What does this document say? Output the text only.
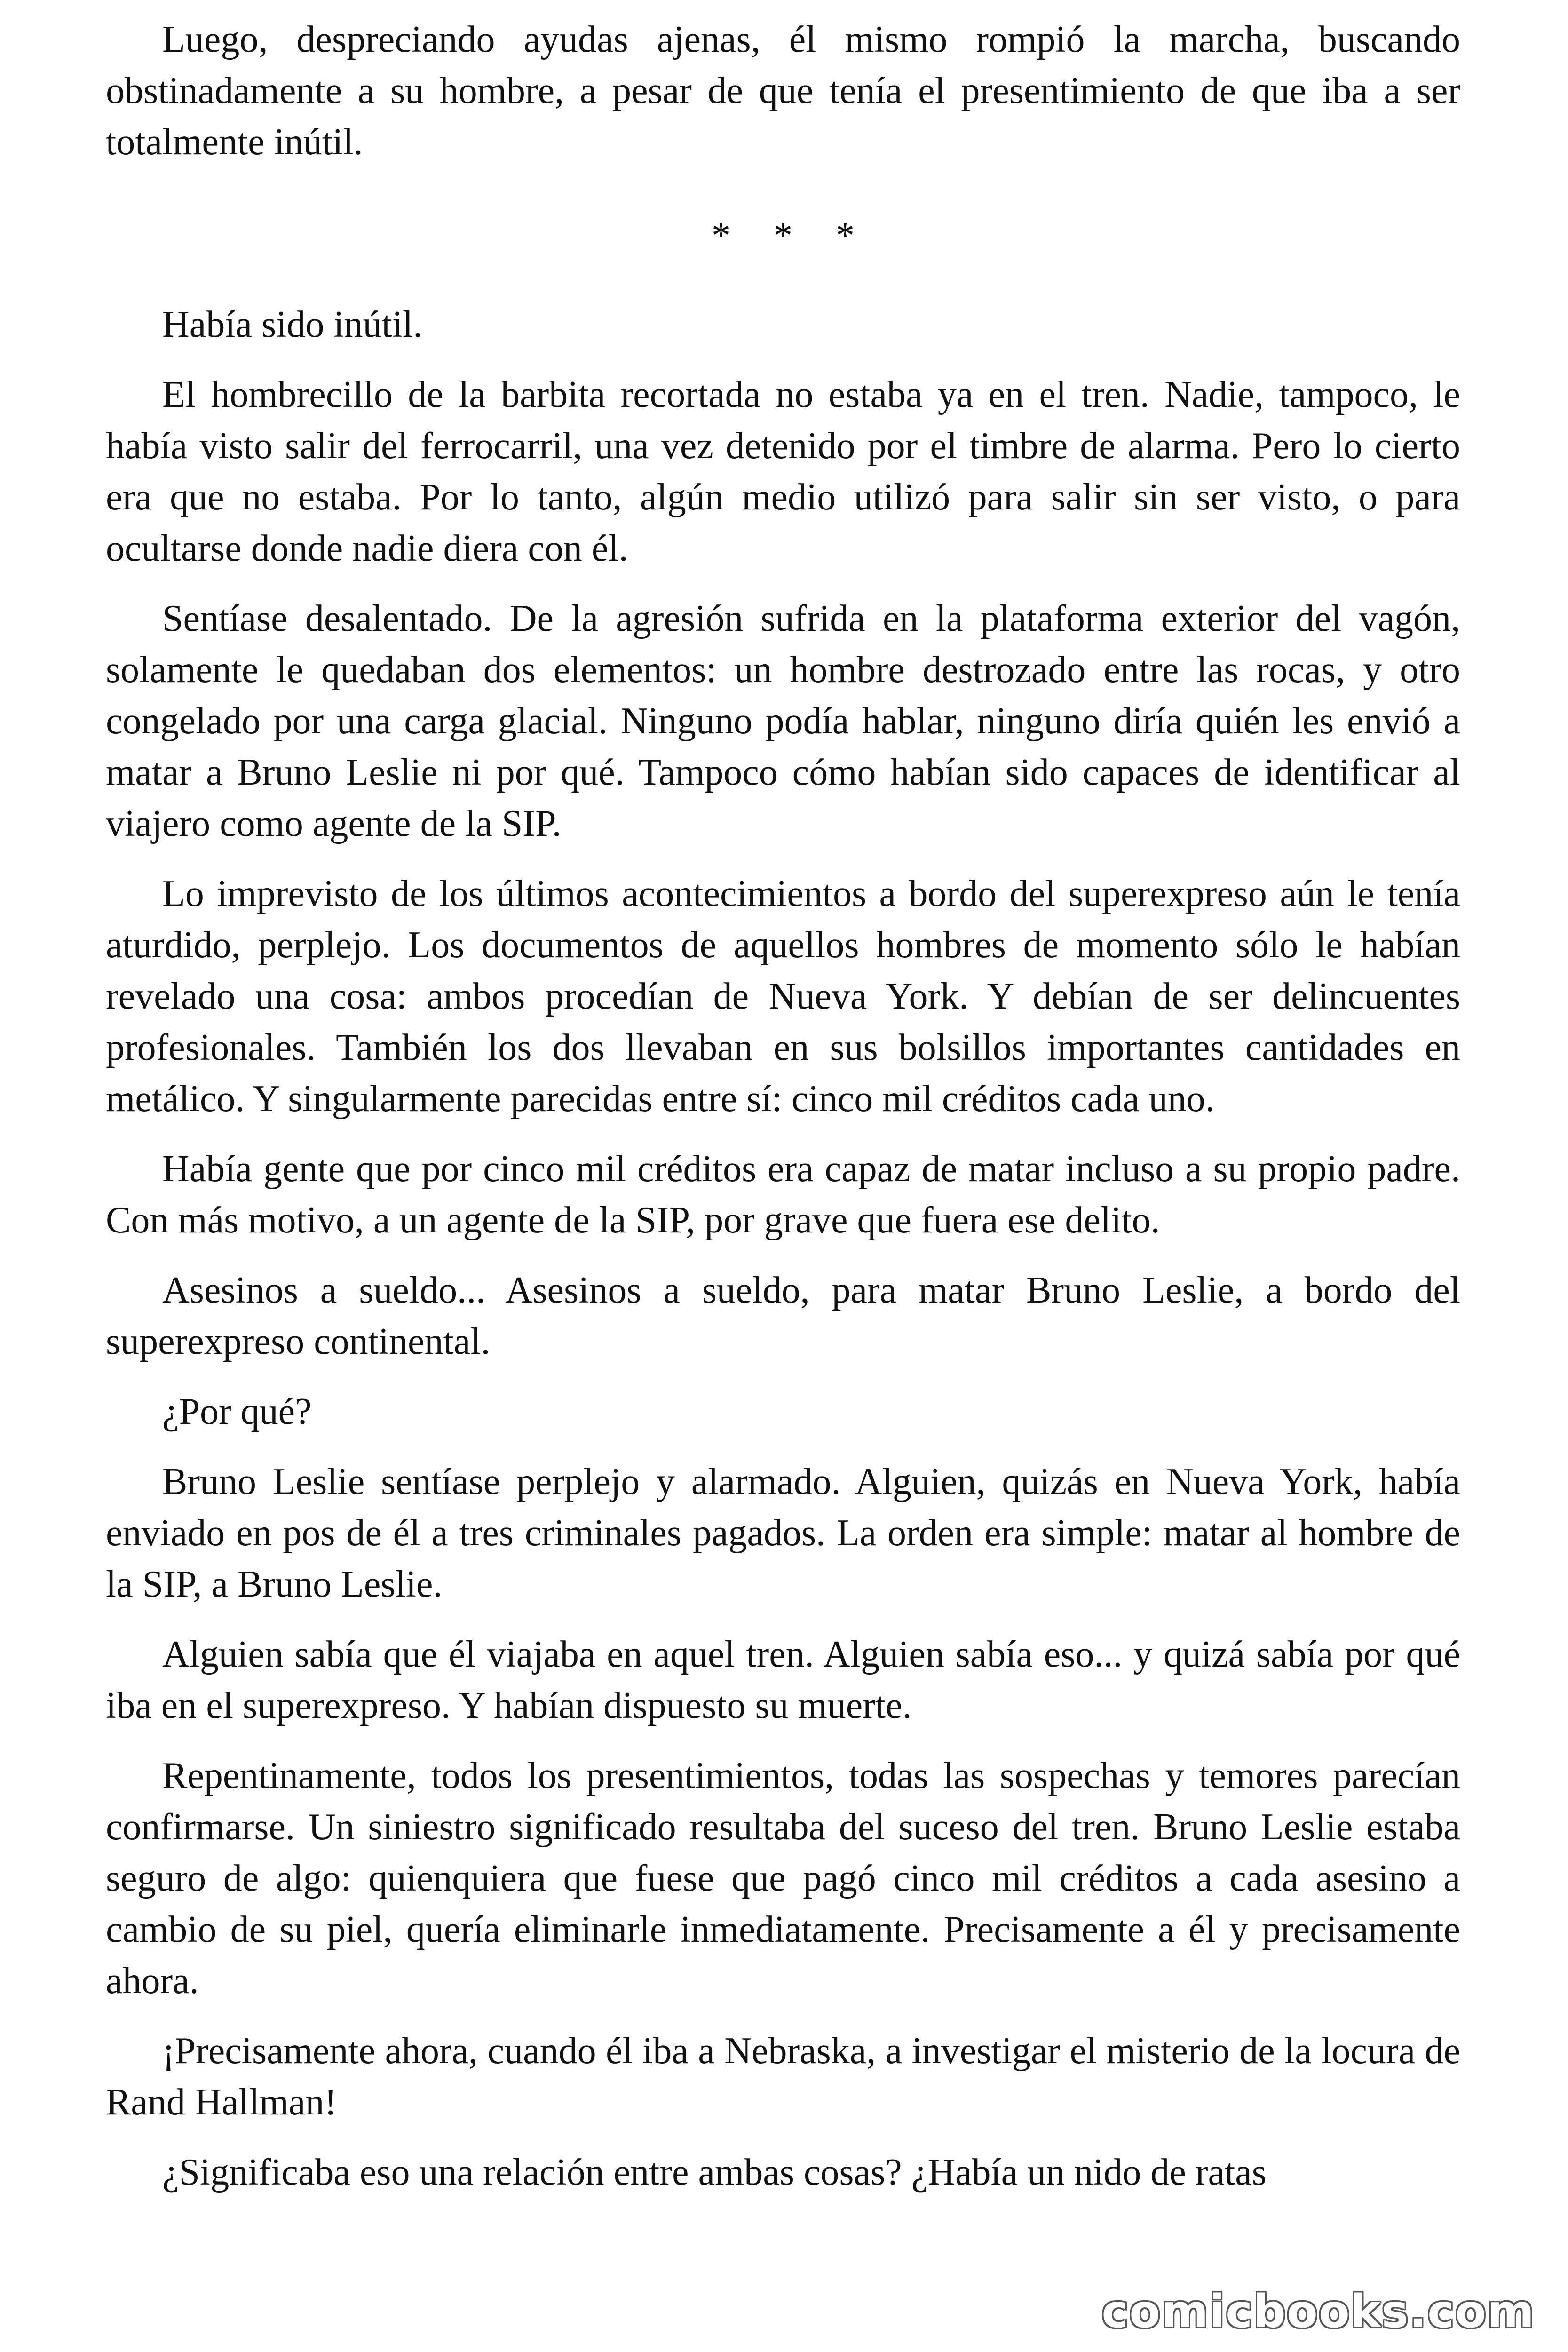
Luego, despreciando ayudas ajenas, él mismo rompió la marcha, buscando obstinadamente a su hombre, a pesar de que tenía el presentimiento de que iba a ser totalmente inútil.

* * *

Había sido inútil.

El hombrecillo de la barbita recortada no estaba ya en el tren. Nadie, tampoco, le había visto salir del ferrocarril, una vez detenido por el timbre de alarma. Pero lo cierto era que no estaba. Por lo tanto, algún medio utilizó para salir sin ser visto, o para ocultarse donde nadie diera con él.

Sentíase desalentado. De la agresión sufrida en la plataforma exterior del vagón, solamente le quedaban dos elementos: un hombre destrozado entre las rocas, y otro congelado por una carga glacial. Ninguno podía hablar, ninguno diría quién les envió a matar a Bruno Leslie ni por qué. Tampoco cómo habían sido capaces de identificar al viajero como agente de la SIP.

Lo imprevisto de los últimos acontecimientos a bordo del superexpreso aún le tenía aturdido, perplejo. Los documentos de aquellos hombres de momento sólo le habían revelado una cosa: ambos procedían de Nueva York. Y debían de ser delincuentes profesionales. También los dos llevaban en sus bolsillos importantes cantidades en metálico. Y singularmente parecidas entre sí: cinco mil créditos cada uno.

Había gente que por cinco mil créditos era capaz de matar incluso a su propio padre. Con más motivo, a un agente de la SIP, por grave que fuera ese delito.

Asesinos a sueldo... Asesinos a sueldo, para matar Bruno Leslie, a bordo del superexpreso continental.

¿Por qué?

Bruno Leslie sentíase perplejo y alarmado. Alguien, quizás en Nueva York, había enviado en pos de él a tres criminales pagados. La orden era simple: matar al hombre de la SIP, a Bruno Leslie.

Alguien sabía que él viajaba en aquel tren. Alguien sabía eso... y quizá sabía por qué iba en el superexpreso. Y habían dispuesto su muerte.

Repentinamente, todos los presentimientos, todas las sospechas y temores parecían confirmarse. Un siniestro significado resultaba del suceso del tren. Bruno Leslie estaba seguro de algo: quienquiera que fuese que pagó cinco mil créditos a cada asesino a cambio de su piel, quería eliminarle inmediatamente. Precisamente a él y precisamente ahora.

¡Precisamente ahora, cuando él iba a Nebraska, a investigar el misterio de la locura de Rand Hallman!

¿Significaba eso una relación entre ambas cosas? ¿Había un nido de ratas

comicbooks.com
